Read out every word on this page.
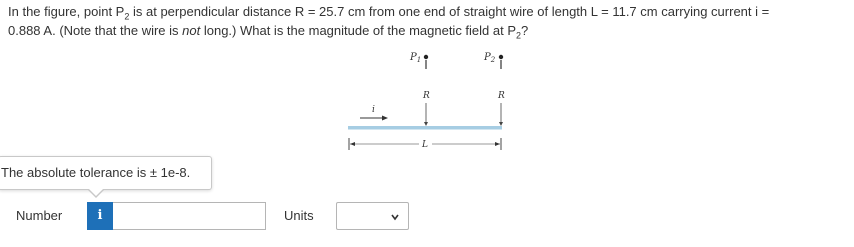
In the figure, point $P_2$ is at perpendicular distance R = 25.7 cm from one end of straight wire of length L = 11.7 cm carrying current i =
0.888 A. (Note that the wire is not long.) What is the magnitude of the magnetic field at $P_2$?
$P_1$	$P_2$
R	R
i
L
The absolute tolerance is ± 1e-8.
Number	i	Units
